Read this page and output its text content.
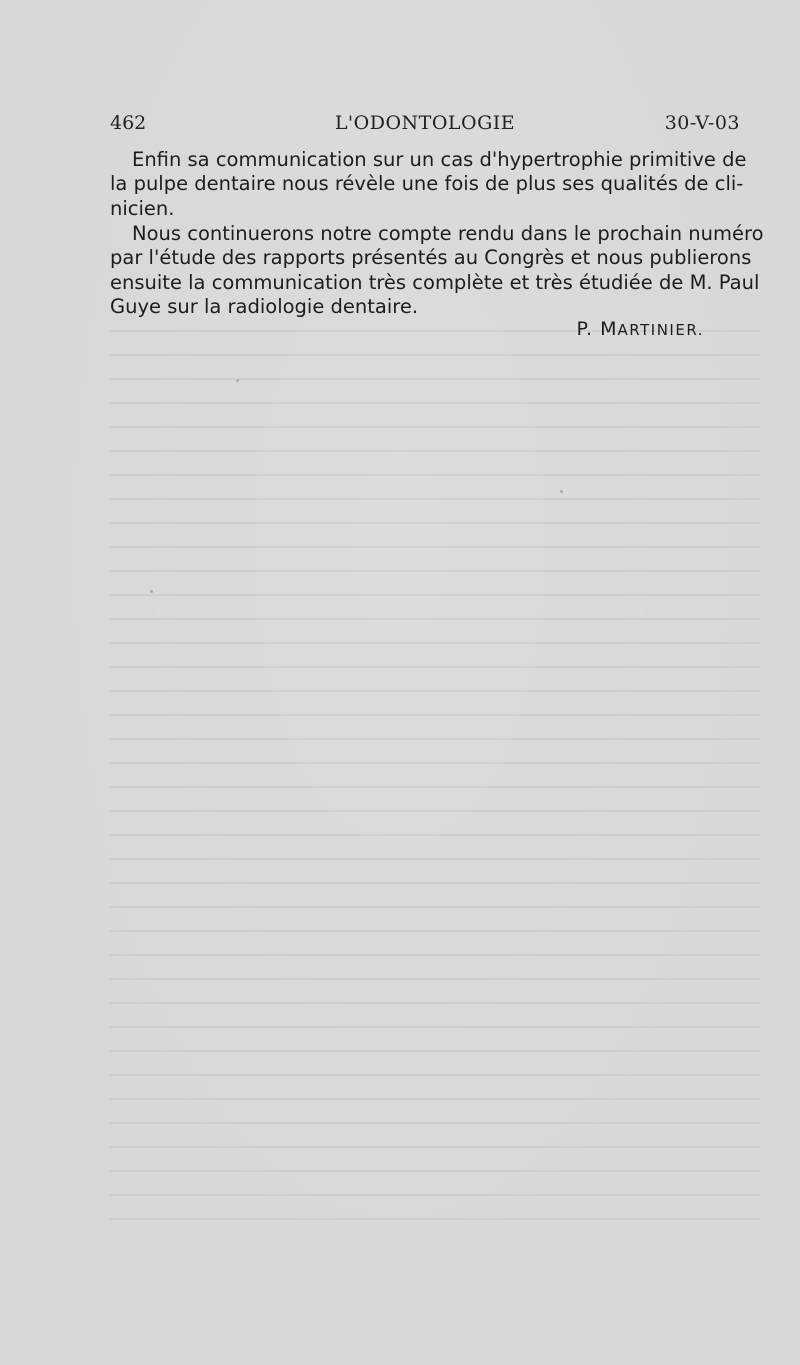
462	L'ODONTOLOGIE	30-V-03
Enfin sa communication sur un cas d'hypertrophie primitive de
la pulpe dentaire nous révèle une fois de plus ses qualités de cli-
nicien.
Nous continuerons notre compte rendu dans le prochain numéro
par l'étude des rapports présentés au Congrès et nous publierons
ensuite la communication très complète et très étudiée de M. Paul
Guye sur la radiologie dentaire.
P. MARTINIER.
